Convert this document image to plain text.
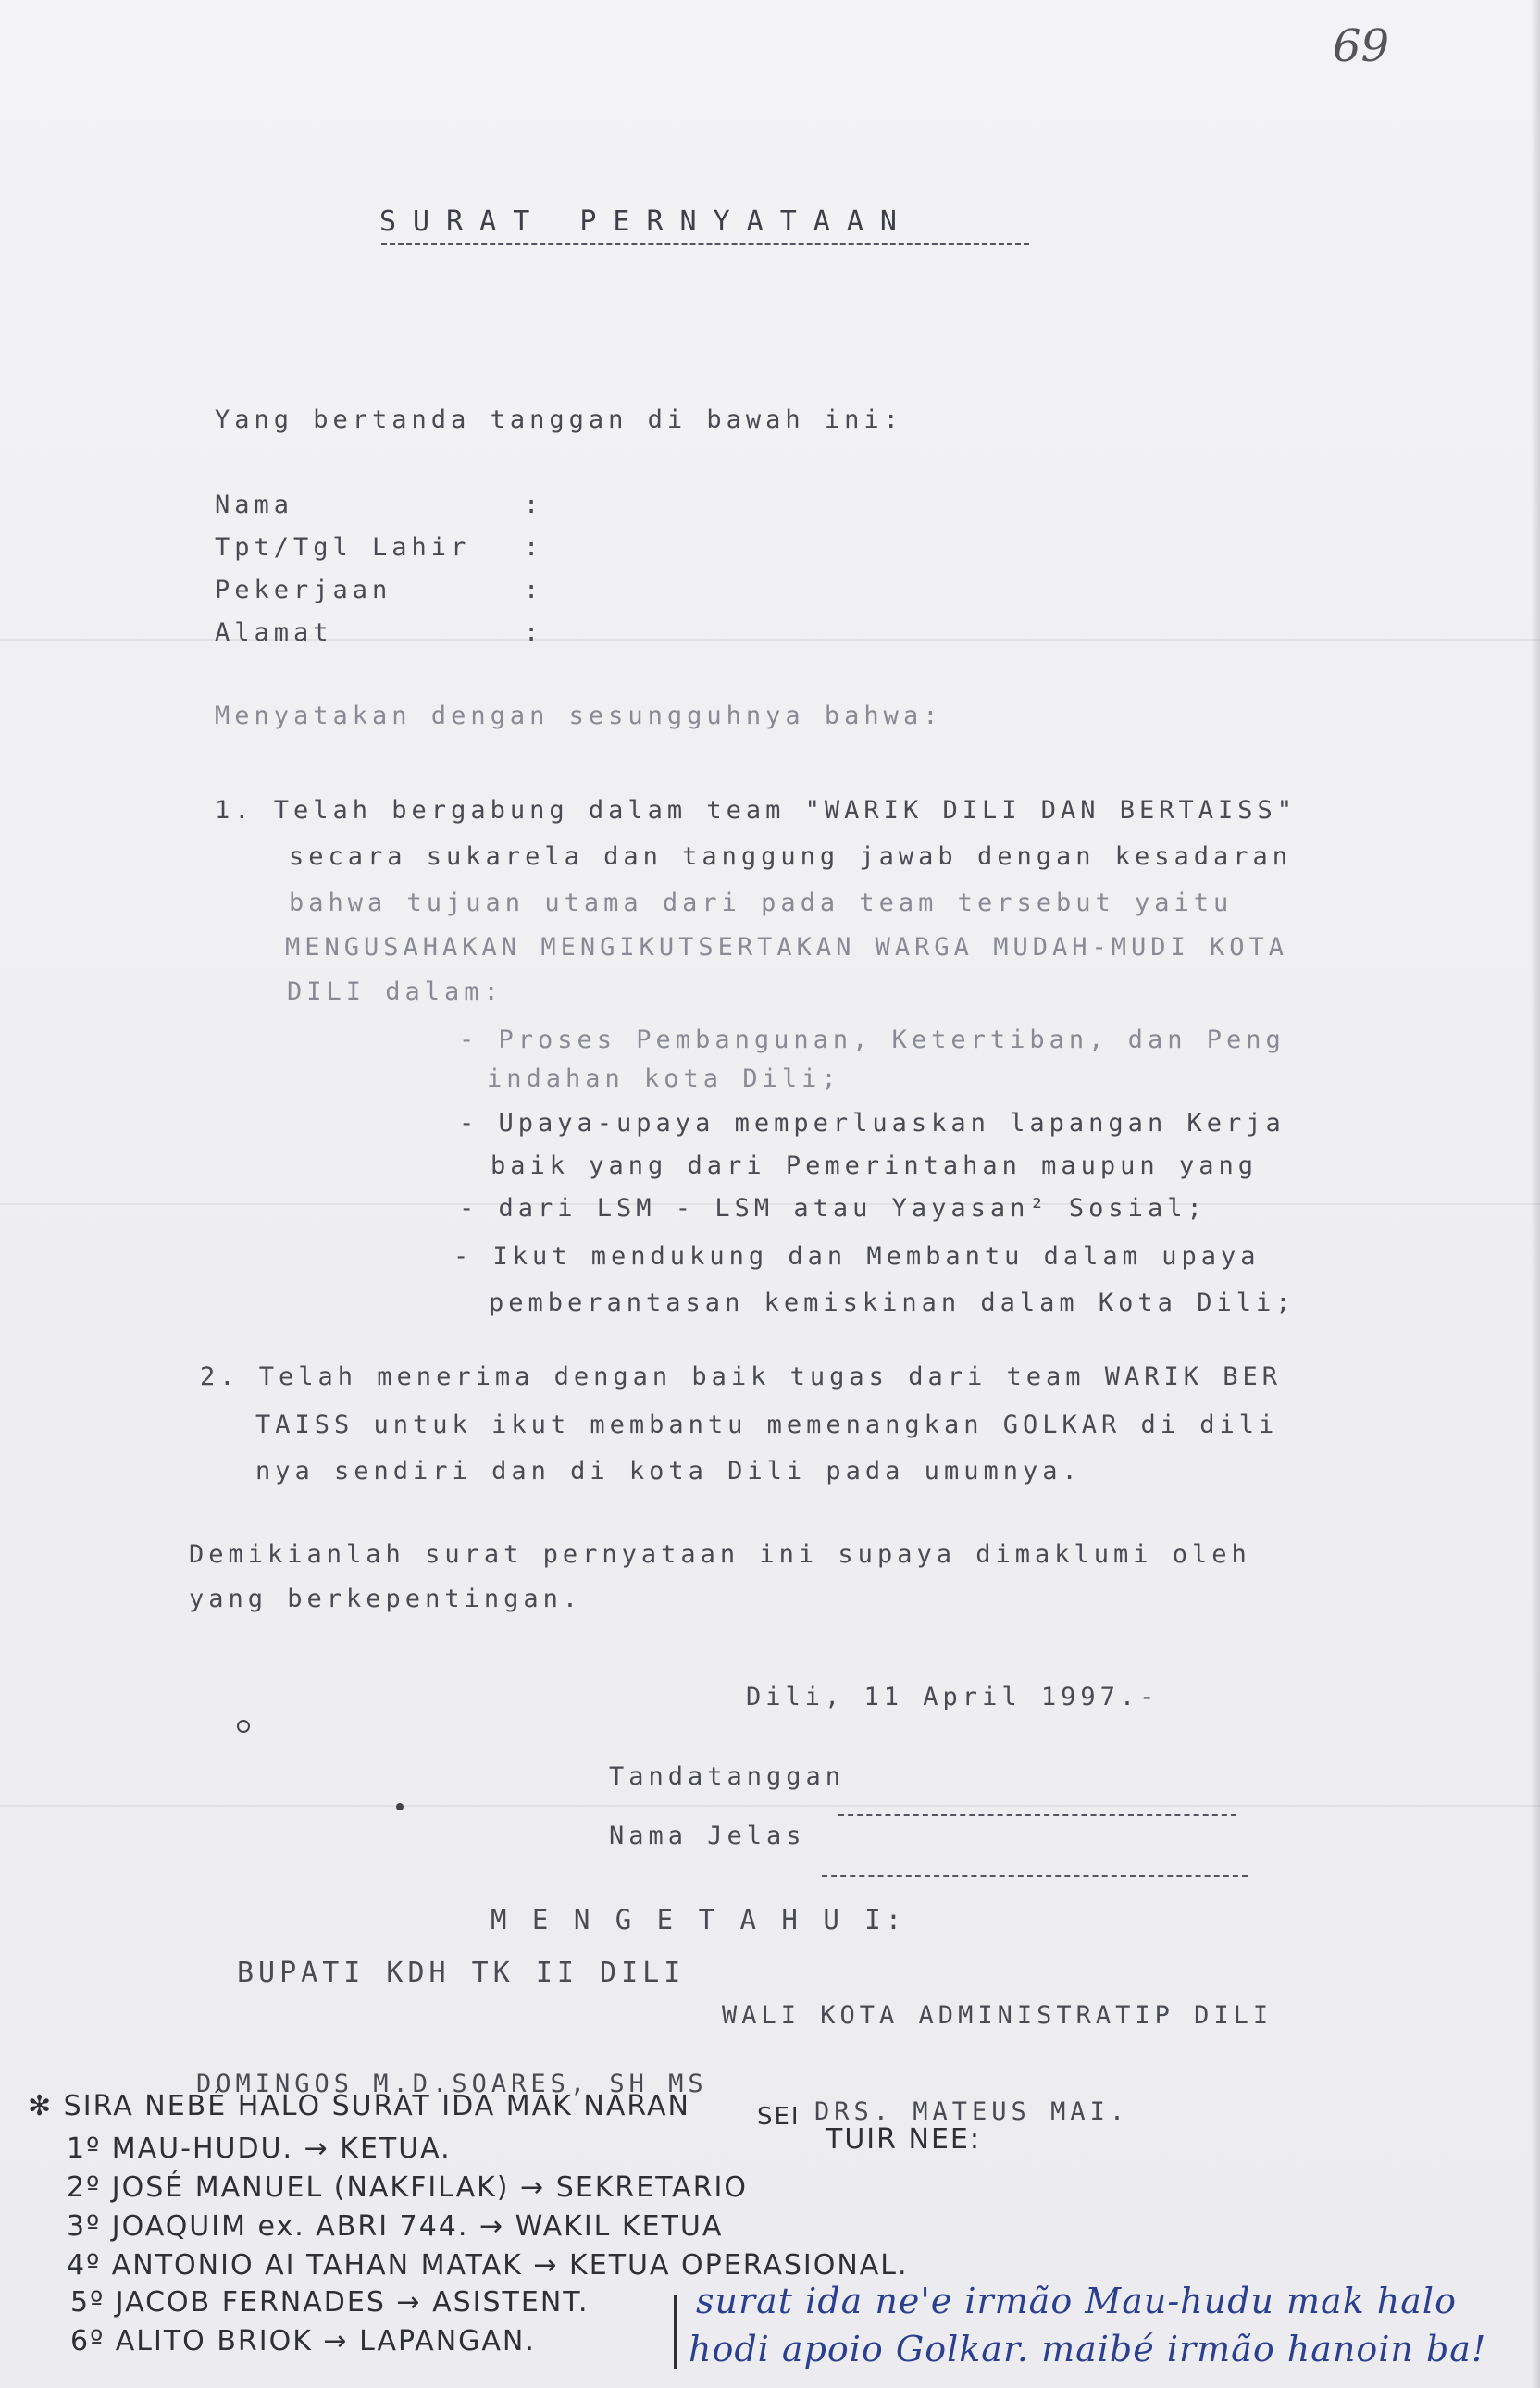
69
SURAT PERNYATAAN
Yang bertanda tanggan di bawah ini:
Nama	:
Tpt/Tgl Lahir :
Pekerjaan	:
Alamat	:
Menyatakan dengan sesungguhnya bahwa:
1. Telah bergabung dalam team "WARIK DILI DAN BERTAISS"
secara sukarela dan tanggung jawab dengan kesadaran
bahwa tujuan utama dari pada team tersebut yaitu
MENGUSAHAKAN MENGIKUTSERTAKAN WARGA MUDAH-MUDI KOTA
DILI dalam:
- Proses Pembangunan, Ketertiban, dan Peng
indahan kota Dili;
- Upaya-upaya memperluaskan lapangan Kerja
baik yang dari Pemerintahan maupun yang
- dari LSM - LSM atau Yayasan² Sosial;
- Ikut mendukung dan Membantu dalam upaya
pemberantasan kemiskinan dalam Kota Dili;
2. Telah menerima dengan baik tugas dari team WARIK BER
TAISS untuk ikut membantu memenangkan GOLKAR di dili
nya sendiri dan di kota Dili pada umumnya.
Demikianlah surat pernyataan ini supaya dimaklumi oleh
yang berkepentingan.
Dili, 11 April 1997.-
Tandatanggan
Nama Jelas
M E N G E T A H U I:
BUPATI KDH TK II DILI
WALI KOTA ADMINISTRATIP DILI
DOMINGOS M.D.SOARES, SH MS
DRS. MATEUS MAI.
✻ SIRA NEBÉ HALO SURAT IDA MAK NARAN	SEI
TUIR NEE:
1º MAU-HUDU. → KETUA.
2º JOSÉ MANUEL (NAKFILAK) → SEKRETARIO
3º JOAQUIM ex. ABRI 744. → WAKIL KETUA
4º ANTONIO AI TAHAN MATAK → KETUA OPERASIONAL.
5º JACOB FERNADES → ASISTENT.
6º ALITO BRIOK → LAPANGAN.
surat ida ne'e irmão Mau-hudu mak halo
hodi apoio Golkar. maibé irmão hanoin ba!
